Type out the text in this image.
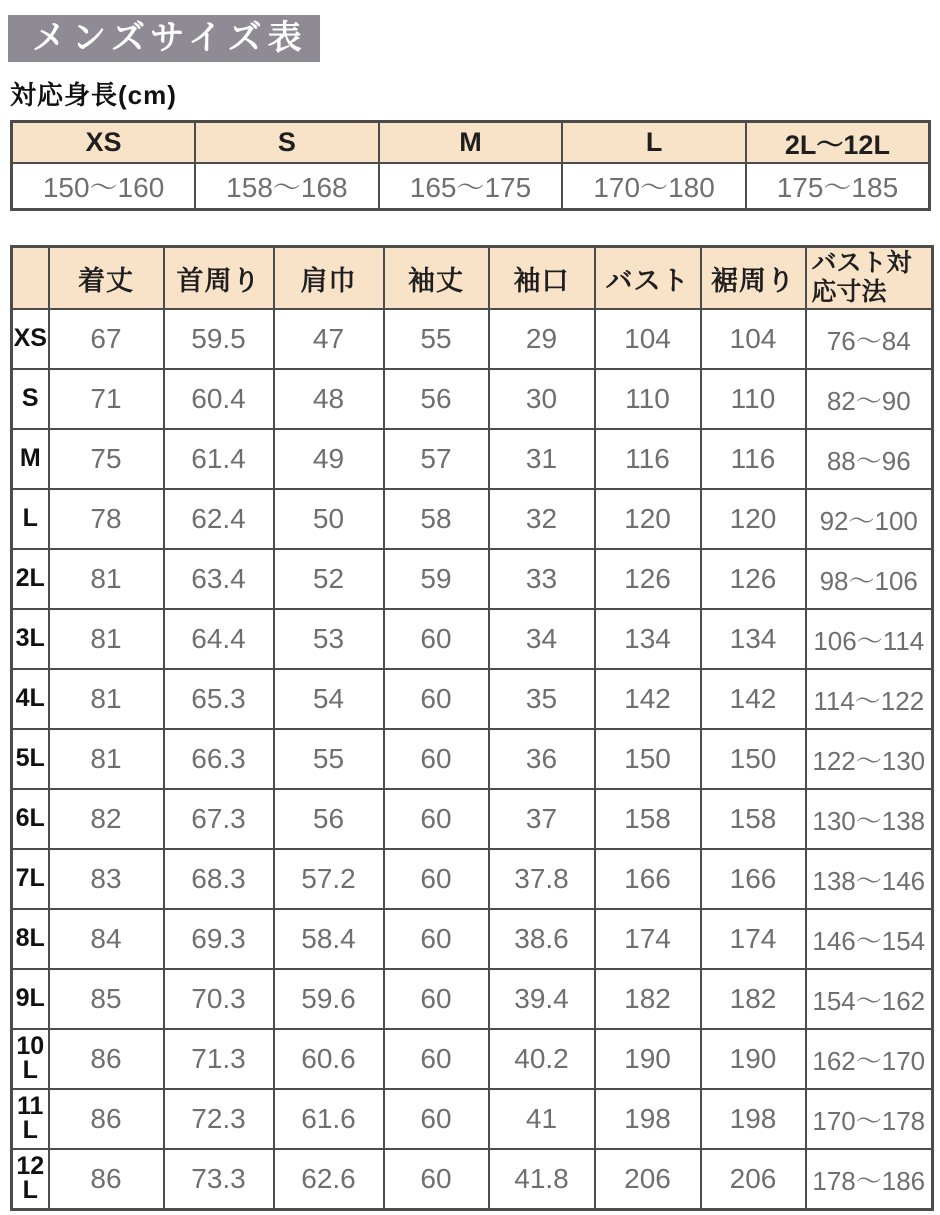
メンズサイズ表
対応身長(cm)
XS	S	M	L	2L〜12L
150〜160	158〜168	165〜175	170〜180	175〜185
	着丈	首周り	肩巾	袖丈	袖口	バスト	裾周り	バスト対応寸法
XS	67	59.5	47	55	29	104	104	76〜84
S	71	60.4	48	56	30	110	110	82〜90
M	75	61.4	49	57	31	116	116	88〜96
L	78	62.4	50	58	32	120	120	92〜100
2L	81	63.4	52	59	33	126	126	98〜106
3L	81	64.4	53	60	34	134	134	106〜114
4L	81	65.3	54	60	35	142	142	114〜122
5L	81	66.3	55	60	36	150	150	122〜130
6L	82	67.3	56	60	37	158	158	130〜138
7L	83	68.3	57.2	60	37.8	166	166	138〜146
8L	84	69.3	58.4	60	38.6	174	174	146〜154
9L	85	70.3	59.6	60	39.4	182	182	154〜162
10L	86	71.3	60.6	60	40.2	190	190	162〜170
11L	86	72.3	61.6	60	41	198	198	170〜178
12L	86	73.3	62.6	60	41.8	206	206	178〜186
